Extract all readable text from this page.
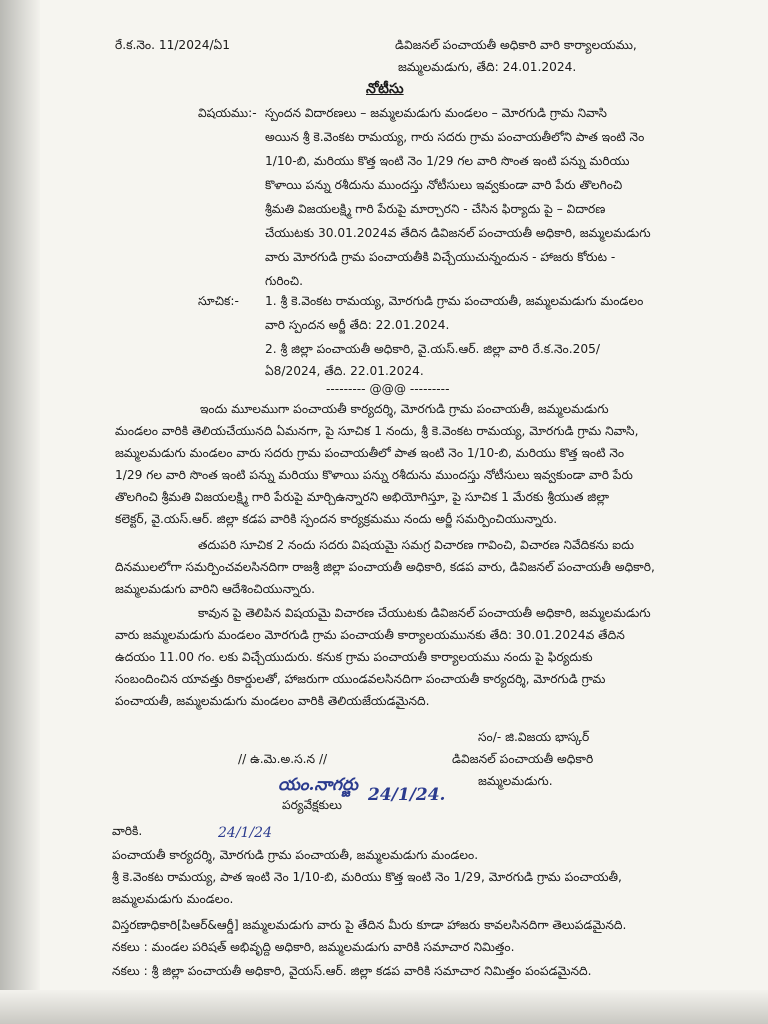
రే.క.నెం. 11/2024/ఏ1	డివిజనల్ పంచాయతీ అధికారి వారి కార్యాలయము,
జమ్మలమడుగు, తేది: 24.01.2024.
నోటీసు
విషయము:- స్పందన విదారణలు – జమ్మలమడుగు మండలం – మోరగుడి గ్రామ నివాసి
అయిన శ్రీ కె.వెంకట రామయ్య, గారు సదరు గ్రామ పంచాయతీలోని పాత ఇంటి నెం
1/10-బి, మరియు కొత్త ఇంటి నెం 1/29 గల వారి సొంత ఇంటి పన్ను మరియు
కొళాయి పన్ను రశీదును ముందస్తు నోటీసులు ఇవ్వకుండా వారి పేరు తొలగించి
శ్రీమతి విజయలక్ష్మి గారి పేరుపై మార్చారని - చేసిన ఫిర్యాదు పై – విదారణ
చేయుటకు 30.01.2024వ తేదిన డివిజనల్ పంచాయతీ అధికారి, జమ్మలమడుగు
వారు మోరగుడి గ్రామ పంచాయతీకి విచ్చేయుచున్నందున - హాజరు కోరుట -
గురించి.
సూచిక:- 1. శ్రీ కె.వెంకట రామయ్య, మోరగుడి గ్రామ పంచాయతీ, జమ్మలమడుగు మండలం
వారి స్పందన అర్జీ తేది: 22.01.2024.
2. శ్రీ జిల్లా పంచాయతీ అధికారి, వై.యస్.ఆర్. జిల్లా వారి రే.క.నెం.205/
ఏ8/2024, తేది. 22.01.2024.
--------- @@@ ---------
ఇందు మూలముగా పంచాయతీ కార్యదర్శి, మోరగుడి గ్రామ పంచాయతీ, జమ్మలమడుగు
మండలం వారికి తెలియచేయునది ఏమనగా, పై సూచిక 1 నందు, శ్రీ కె.వెంకట రామయ్య, మోరగుడి గ్రామ నివాసి,
జమ్మలమడుగు మండలం వారు సదరు గ్రామ పంచాయతీలో పాత ఇంటి నెం 1/10-బి, మరియు కొత్త ఇంటి నెం
1/29 గల వారి సొంత ఇంటి పన్ను మరియు కొళాయి పన్ను రశీదును ముందస్తు నోటీసులు ఇవ్వకుండా వారి పేరు
తొలగించి శ్రీమతి విజయలక్ష్మి గారి పేరుపై మార్చిఉన్నారని అభియోగిస్తూ, పై సూచిక 1 మేరకు శ్రీయుత జిల్లా
కలెక్టర్, వై.యస్.ఆర్. జిల్లా కడప వారికి స్పందన కార్యక్రమము నందు అర్జీ సమర్పించియున్నారు.
తదుపరి సూచిక 2 నందు సదరు విషయమై సమగ్ర విచారణ గావించి, విచారణ నివేదికను ఐదు
దినములలోగా సమర్పించవలసినదిగా రాజశ్రీ జిల్లా పంచాయతీ అధికారి, కడప వారు, డివిజనల్ పంచాయతీ అధికారి,
జమ్మలమడుగు వారిని ఆదేశించియున్నారు.
కావున పై తెలిపిన విషయమై విచారణ చేయుటకు డివిజనల్ పంచాయతీ అధికారి, జమ్మలమడుగు
వారు జమ్మలమడుగు మండలం మోరగుడి గ్రామ పంచాయతీ కార్యాలయమునకు తేది: 30.01.2024వ తేదిన
ఉదయం 11.00 గం. లకు విచ్చేయుదురు. కనుక గ్రామ పంచాయతీ కార్యాలయము నందు పై ఫిర్యదుకు
సంబందించిన యావత్తు రికార్డులతో, హాజరుగా యుండవలసినదిగా పంచాయతీ కార్యదర్శి, మోరగుడి గ్రామ
పంచాయతీ, జమ్మలమడుగు మండలం వారికి తెలియజేయడమైనది.
సం/- జి.విజయ భాస్కర్
డివిజనల్ పంచాయతీ అధికారి
జమ్మలమడుగు.
// ఉ.మె.అ.స.న //
యం.నాగర్జు 24/1/24.
పర్యవేక్షకులు
24/1/24
వారికి.
పంచాయతీ కార్యదర్శి, మోరగుడి గ్రామ పంచాయతీ, జమ్మలమడుగు మండలం.
శ్రీ కె.వెంకట రామయ్య, పాత ఇంటి నెం 1/10-బి, మరియు కొత్త ఇంటి నెం 1/29, మోరగుడి గ్రామ పంచాయతీ,
జమ్మలమడుగు మండలం.
విస్తరణాధికారి[పిఆర్&ఆర్డీ] జమ్మలమడుగు వారు పై తేదిన మీరు కూడా హాజరు కావలసినదిగా తెలుపడమైనది.
నకలు : మండల పరిషత్ అభివృద్ది అధికారి, జమ్మలమడుగు వారికి సమాచార నిమిత్తం.
నకలు : శ్రీ జిల్లా పంచాయతీ అధికారి, వైయస్.ఆర్. జిల్లా కడప వారికి సమాచార నిమిత్తం పంపడమైనది.
